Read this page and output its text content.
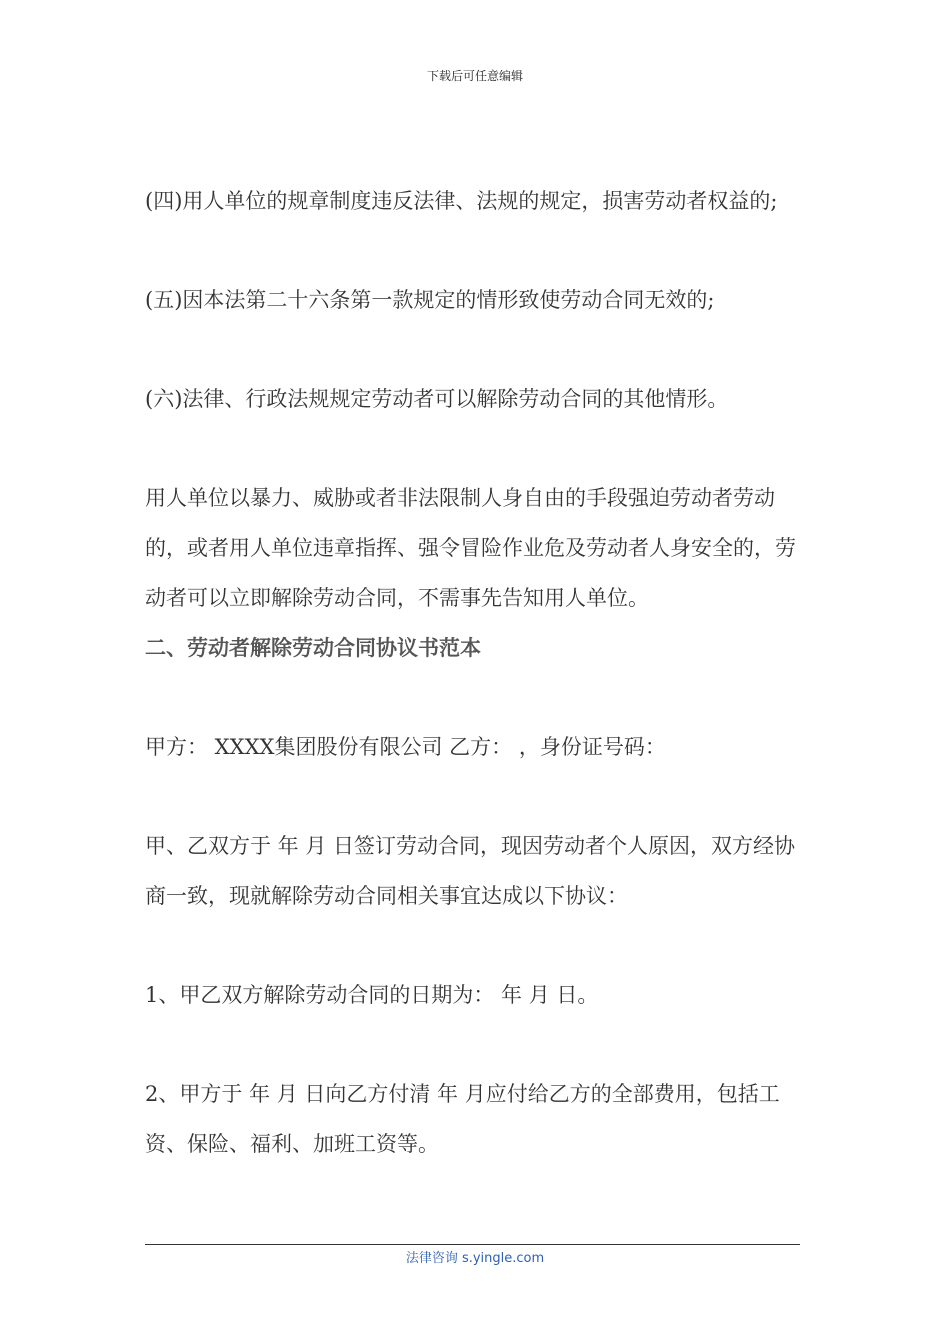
下载后可任意编辑

(四)用人单位的规章制度违反法律、法规的规定，损害劳动者权益的;

(五)因本法第二十六条第一款规定的情形致使劳动合同无效的;

(六)法律、行政法规规定劳动者可以解除劳动合同的其他情形。

用人单位以暴力、威胁或者非法限制人身自由的手段强迫劳动者劳动的，或者用人单位违章指挥、强令冒险作业危及劳动者人身安全的，劳动者可以立即解除劳动合同，不需事先告知用人单位。

二、劳动者解除劳动合同协议书范本

甲方： XXXX集团股份有限公司 乙方： ，身份证号码：

甲、乙双方于 年 月 日签订劳动合同，现因劳动者个人原因，双方经协商一致，现就解除劳动合同相关事宜达成以下协议：

1、甲乙双方解除劳动合同的日期为： 年 月 日。

2、甲方于 年 月 日向乙方付清 年 月应付给乙方的全部费用，包括工资、保险、福利、加班工资等。

法律咨询 s.yingle.com
